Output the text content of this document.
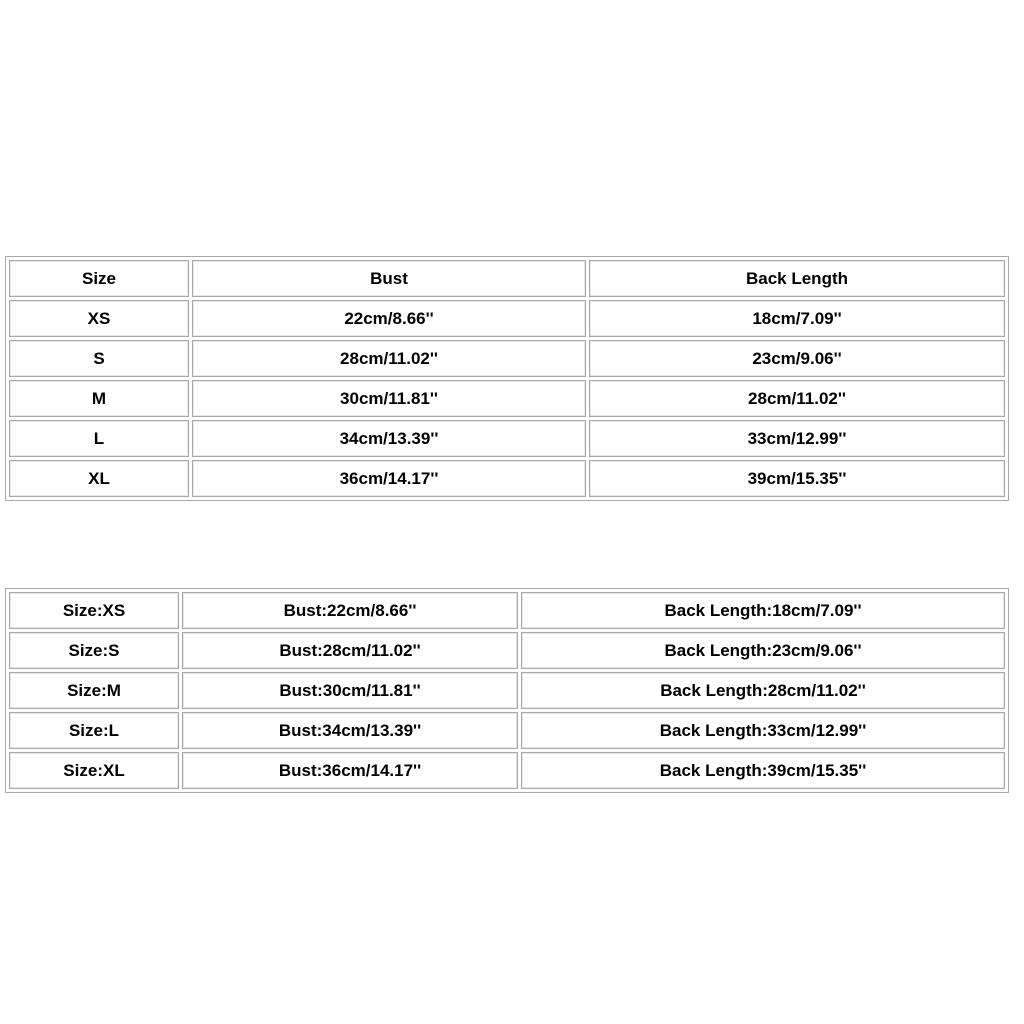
Size	Bust	Back Length
XS	22cm/8.66''	18cm/7.09''
S	28cm/11.02''	23cm/9.06''
M	30cm/11.81''	28cm/11.02''
L	34cm/13.39''	33cm/12.99''
XL	36cm/14.17''	39cm/15.35''
Size:XS	Bust:22cm/8.66''	Back Length:18cm/7.09''
Size:S	Bust:28cm/11.02''	Back Length:23cm/9.06''
Size:M	Bust:30cm/11.81''	Back Length:28cm/11.02''
Size:L	Bust:34cm/13.39''	Back Length:33cm/12.99''
Size:XL	Bust:36cm/14.17''	Back Length:39cm/15.35''
